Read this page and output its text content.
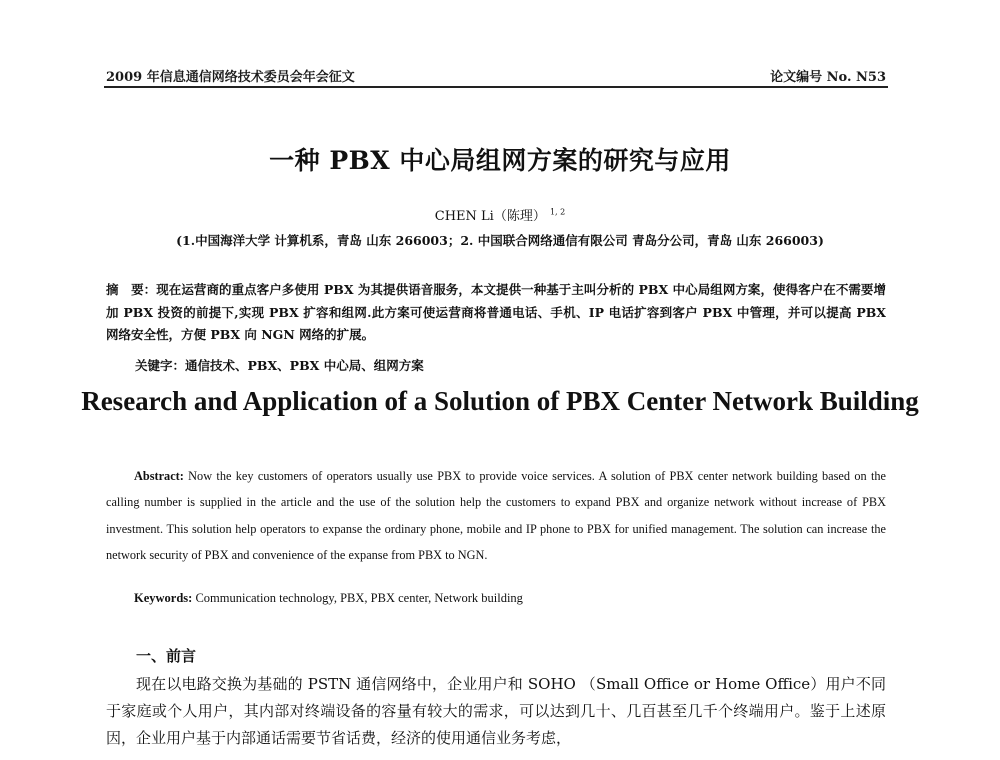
2009 年信息通信网络技术委员会年会征文	论文编号 No. N53
一种 PBX 中心局组网方案的研究与应用
CHEN Li（陈理） $^{1, 2}$
(1.中国海洋大学 计算机系，青岛 山东 266003；2. 中国联合网络通信有限公司 青岛分公司，青岛 山东 266003)
摘　要：现在运营商的重点客户多使用 PBX 为其提供语音服务，本文提供一种基于主叫分析的 PBX 中心局组网方案，使得客户在不需要增加 PBX 投资的前提下,实现 PBX 扩容和组网.此方案可使运营商将普通电话、手机、IP 电话扩容到客户 PBX 中管理，并可以提高 PBX 网络安全性，方便 PBX 向 NGN 网络的扩展。
关键字：通信技术、PBX、PBX 中心局、组网方案
Research and Application of a Solution of PBX Center Network Building
Abstract: Now the key customers of operators usually use PBX to provide voice services. A solution of PBX center network building based on the calling number is supplied in the article and the use of the solution help the customers to expand PBX and organize network without increase of PBX investment. This solution help operators to expanse the ordinary phone, mobile and IP phone to PBX for unified management. The solution can increase the network security of PBX and convenience of the expanse from PBX to NGN.
Keywords: Communication technology, PBX, PBX center, Network building
一、前言
现在以电路交换为基础的 PSTN 通信网络中，企业用户和 SOHO （Small Office or Home Office）用户不同于家庭或个人用户，其内部对终端设备的容量有较大的需求，可以达到几十、几百甚至几千个终端用户。鉴于上述原因，企业用户基于内部通话需要节省话费，经济的使用通信业务考虑，
